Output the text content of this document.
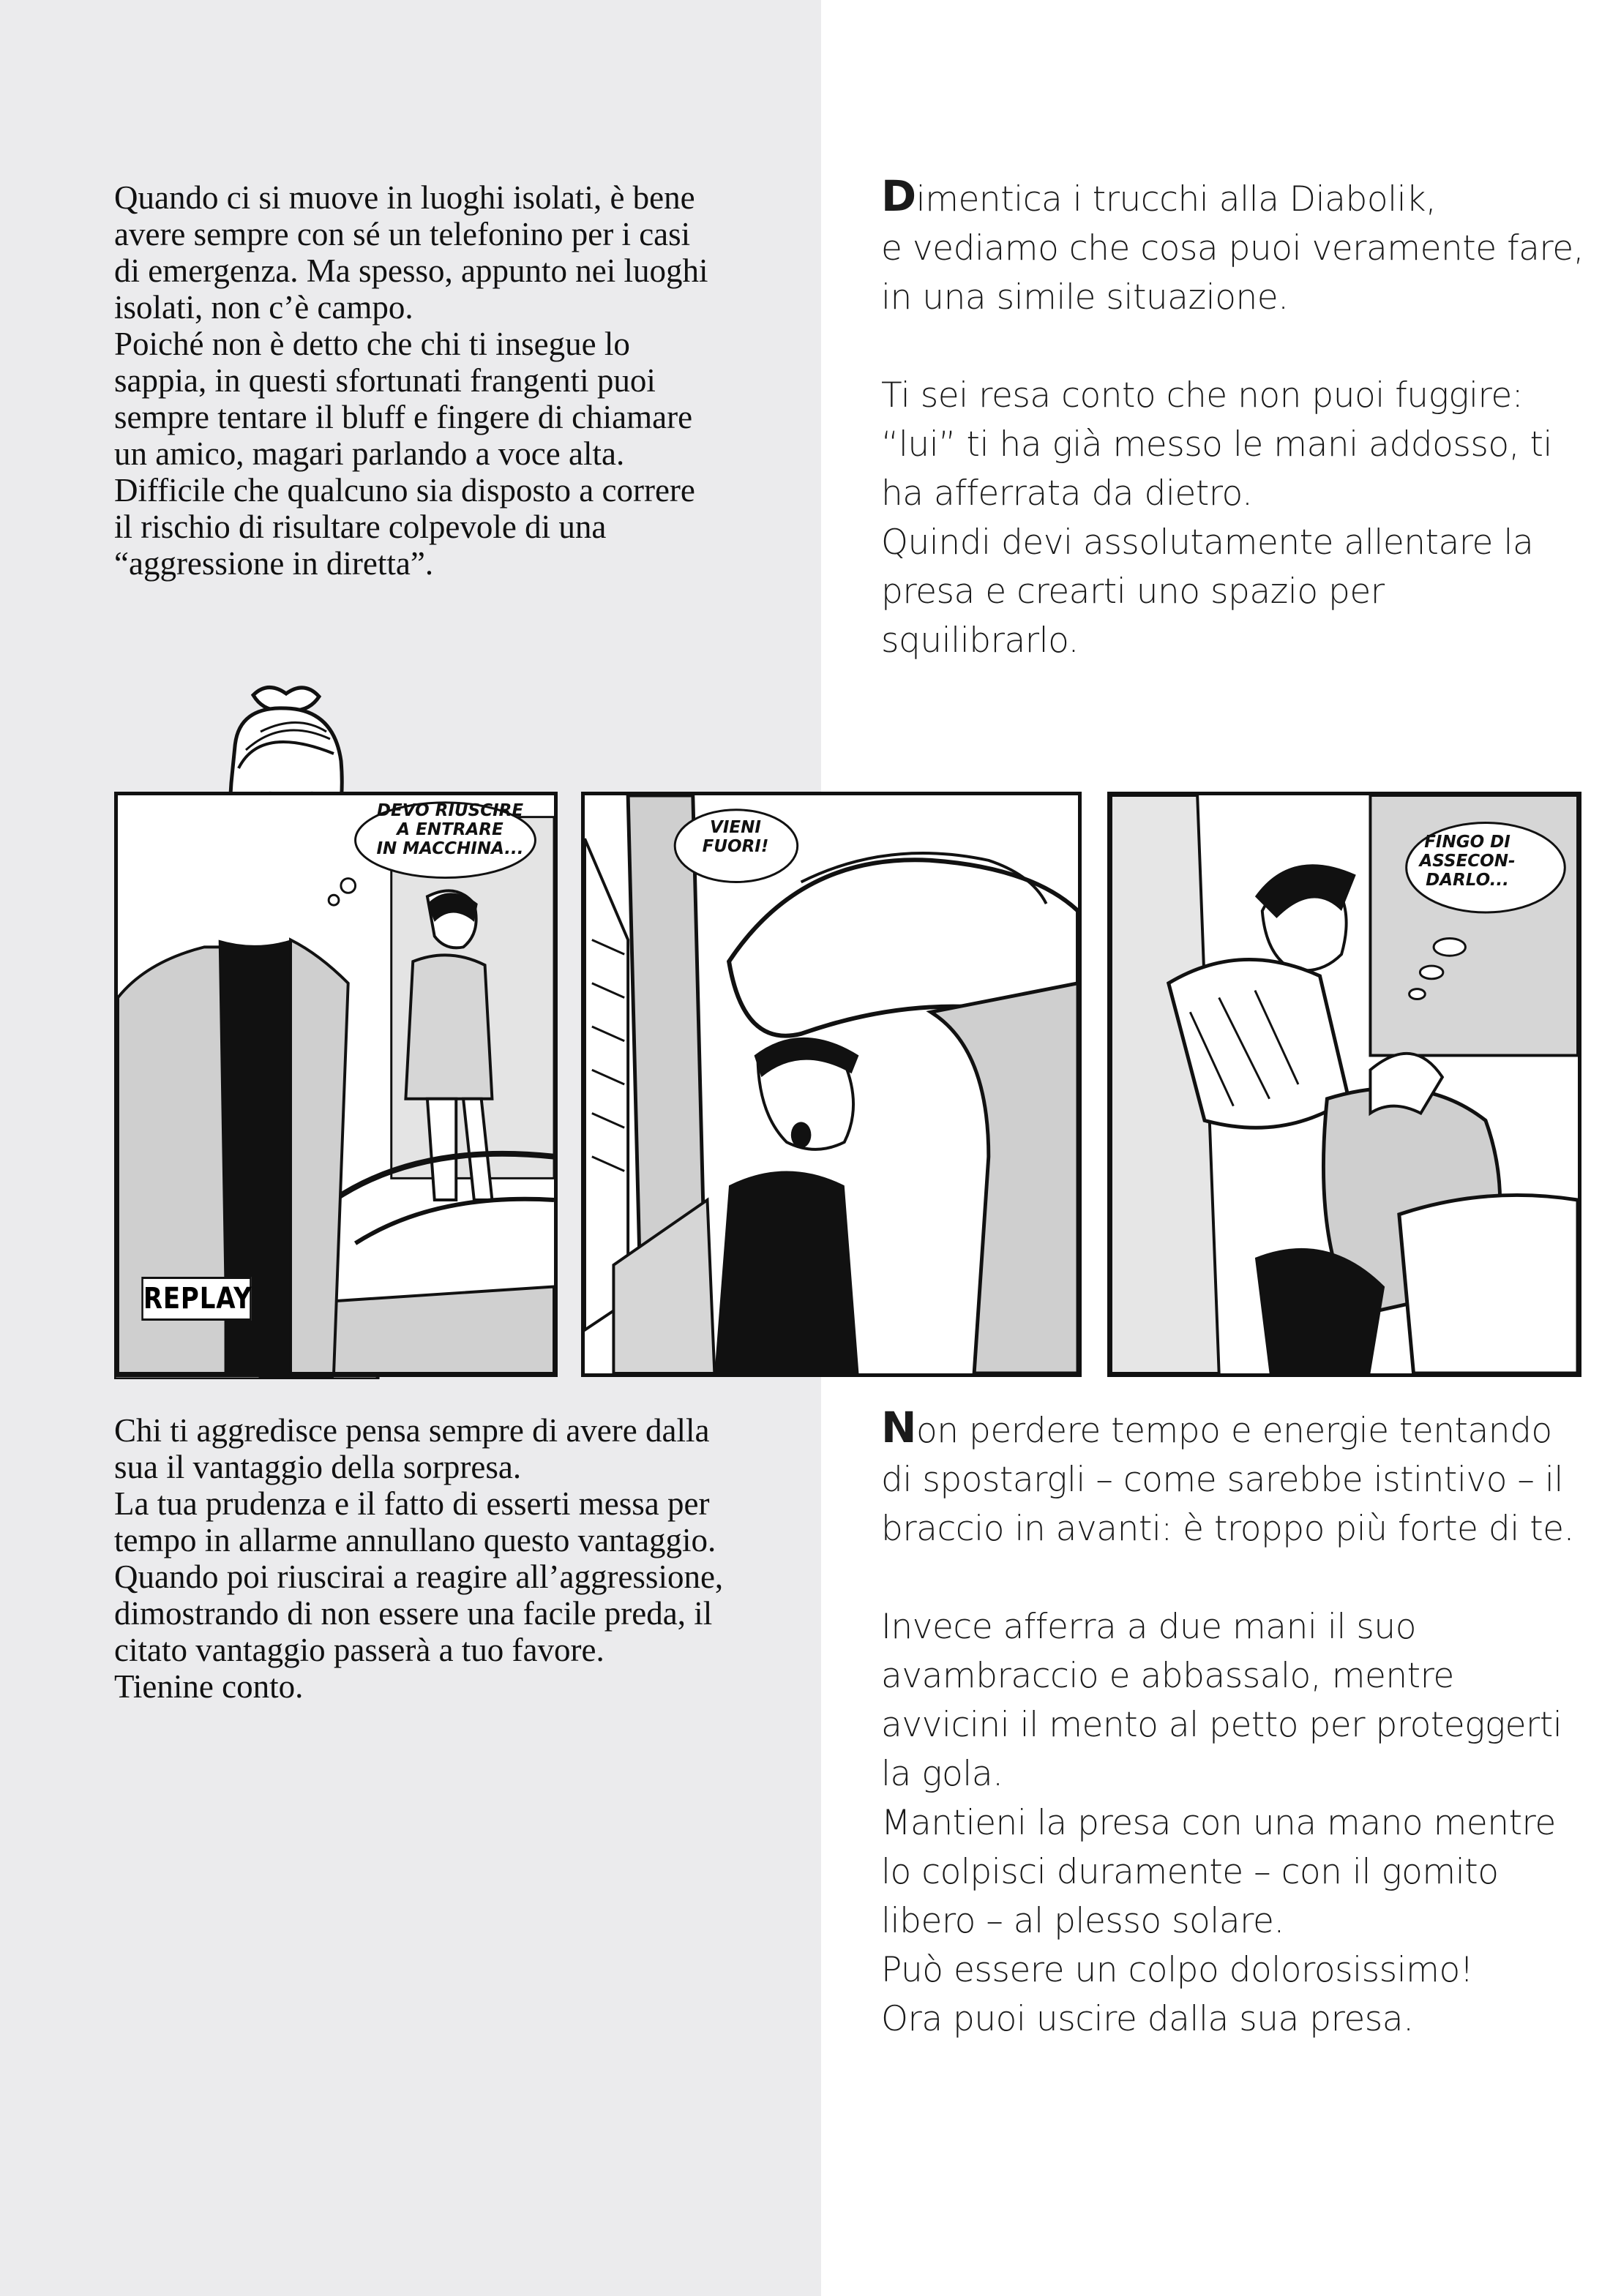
Quando ci si muove in luoghi isolati, è bene
avere sempre con sé un telefonino per i casi
di emergenza. Ma spesso, appunto nei luoghi
isolati, non c’è campo.
Poiché non è detto che chi ti insegue lo
sappia, in questi sfortunati frangenti puoi
sempre tentare il bluff e fingere di chiamare
un amico, magari parlando a voce alta.
Difficile che qualcuno sia disposto a correre
il rischio di risultare colpevole di una
“aggressione in diretta”.
Dimentica i trucchi alla Diabolik,
e vediamo che cosa puoi veramente fare,
in una simile situazione.
Ti sei resa conto che non puoi fuggire:
“lui” ti ha già messo le mani addosso, ti
ha afferrata da dietro.
Quindi devi assolutamente allentare la
presa e crearti uno spazio per
squilibrarlo.
DEVO RIUSCIRE
A ENTRARE
IN MACCHINA...
REPLAY
VIENI
FUORI!	FINGO DI
ASSECON-
DARLO...
Chi ti aggredisce pensa sempre di avere dalla
sua il vantaggio della sorpresa.
La tua prudenza e il fatto di esserti messa per
tempo in allarme annullano questo vantaggio.
Quando poi riuscirai a reagire all’aggressione,
dimostrando di non essere una facile preda, il
citato vantaggio passerà a tuo favore.
Tienine conto.
Non perdere tempo e energie tentando
di spostargli – come sarebbe istintivo – il
braccio in avanti: è troppo più forte di te.
Invece afferra a due mani il suo
avambraccio e abbassalo, mentre
avvicini il mento al petto per proteggerti
la gola.
Mantieni la presa con una mano mentre
lo colpisci duramente – con il gomito
libero – al plesso solare.
Può essere un colpo dolorosissimo!
Ora puoi uscire dalla sua presa.
